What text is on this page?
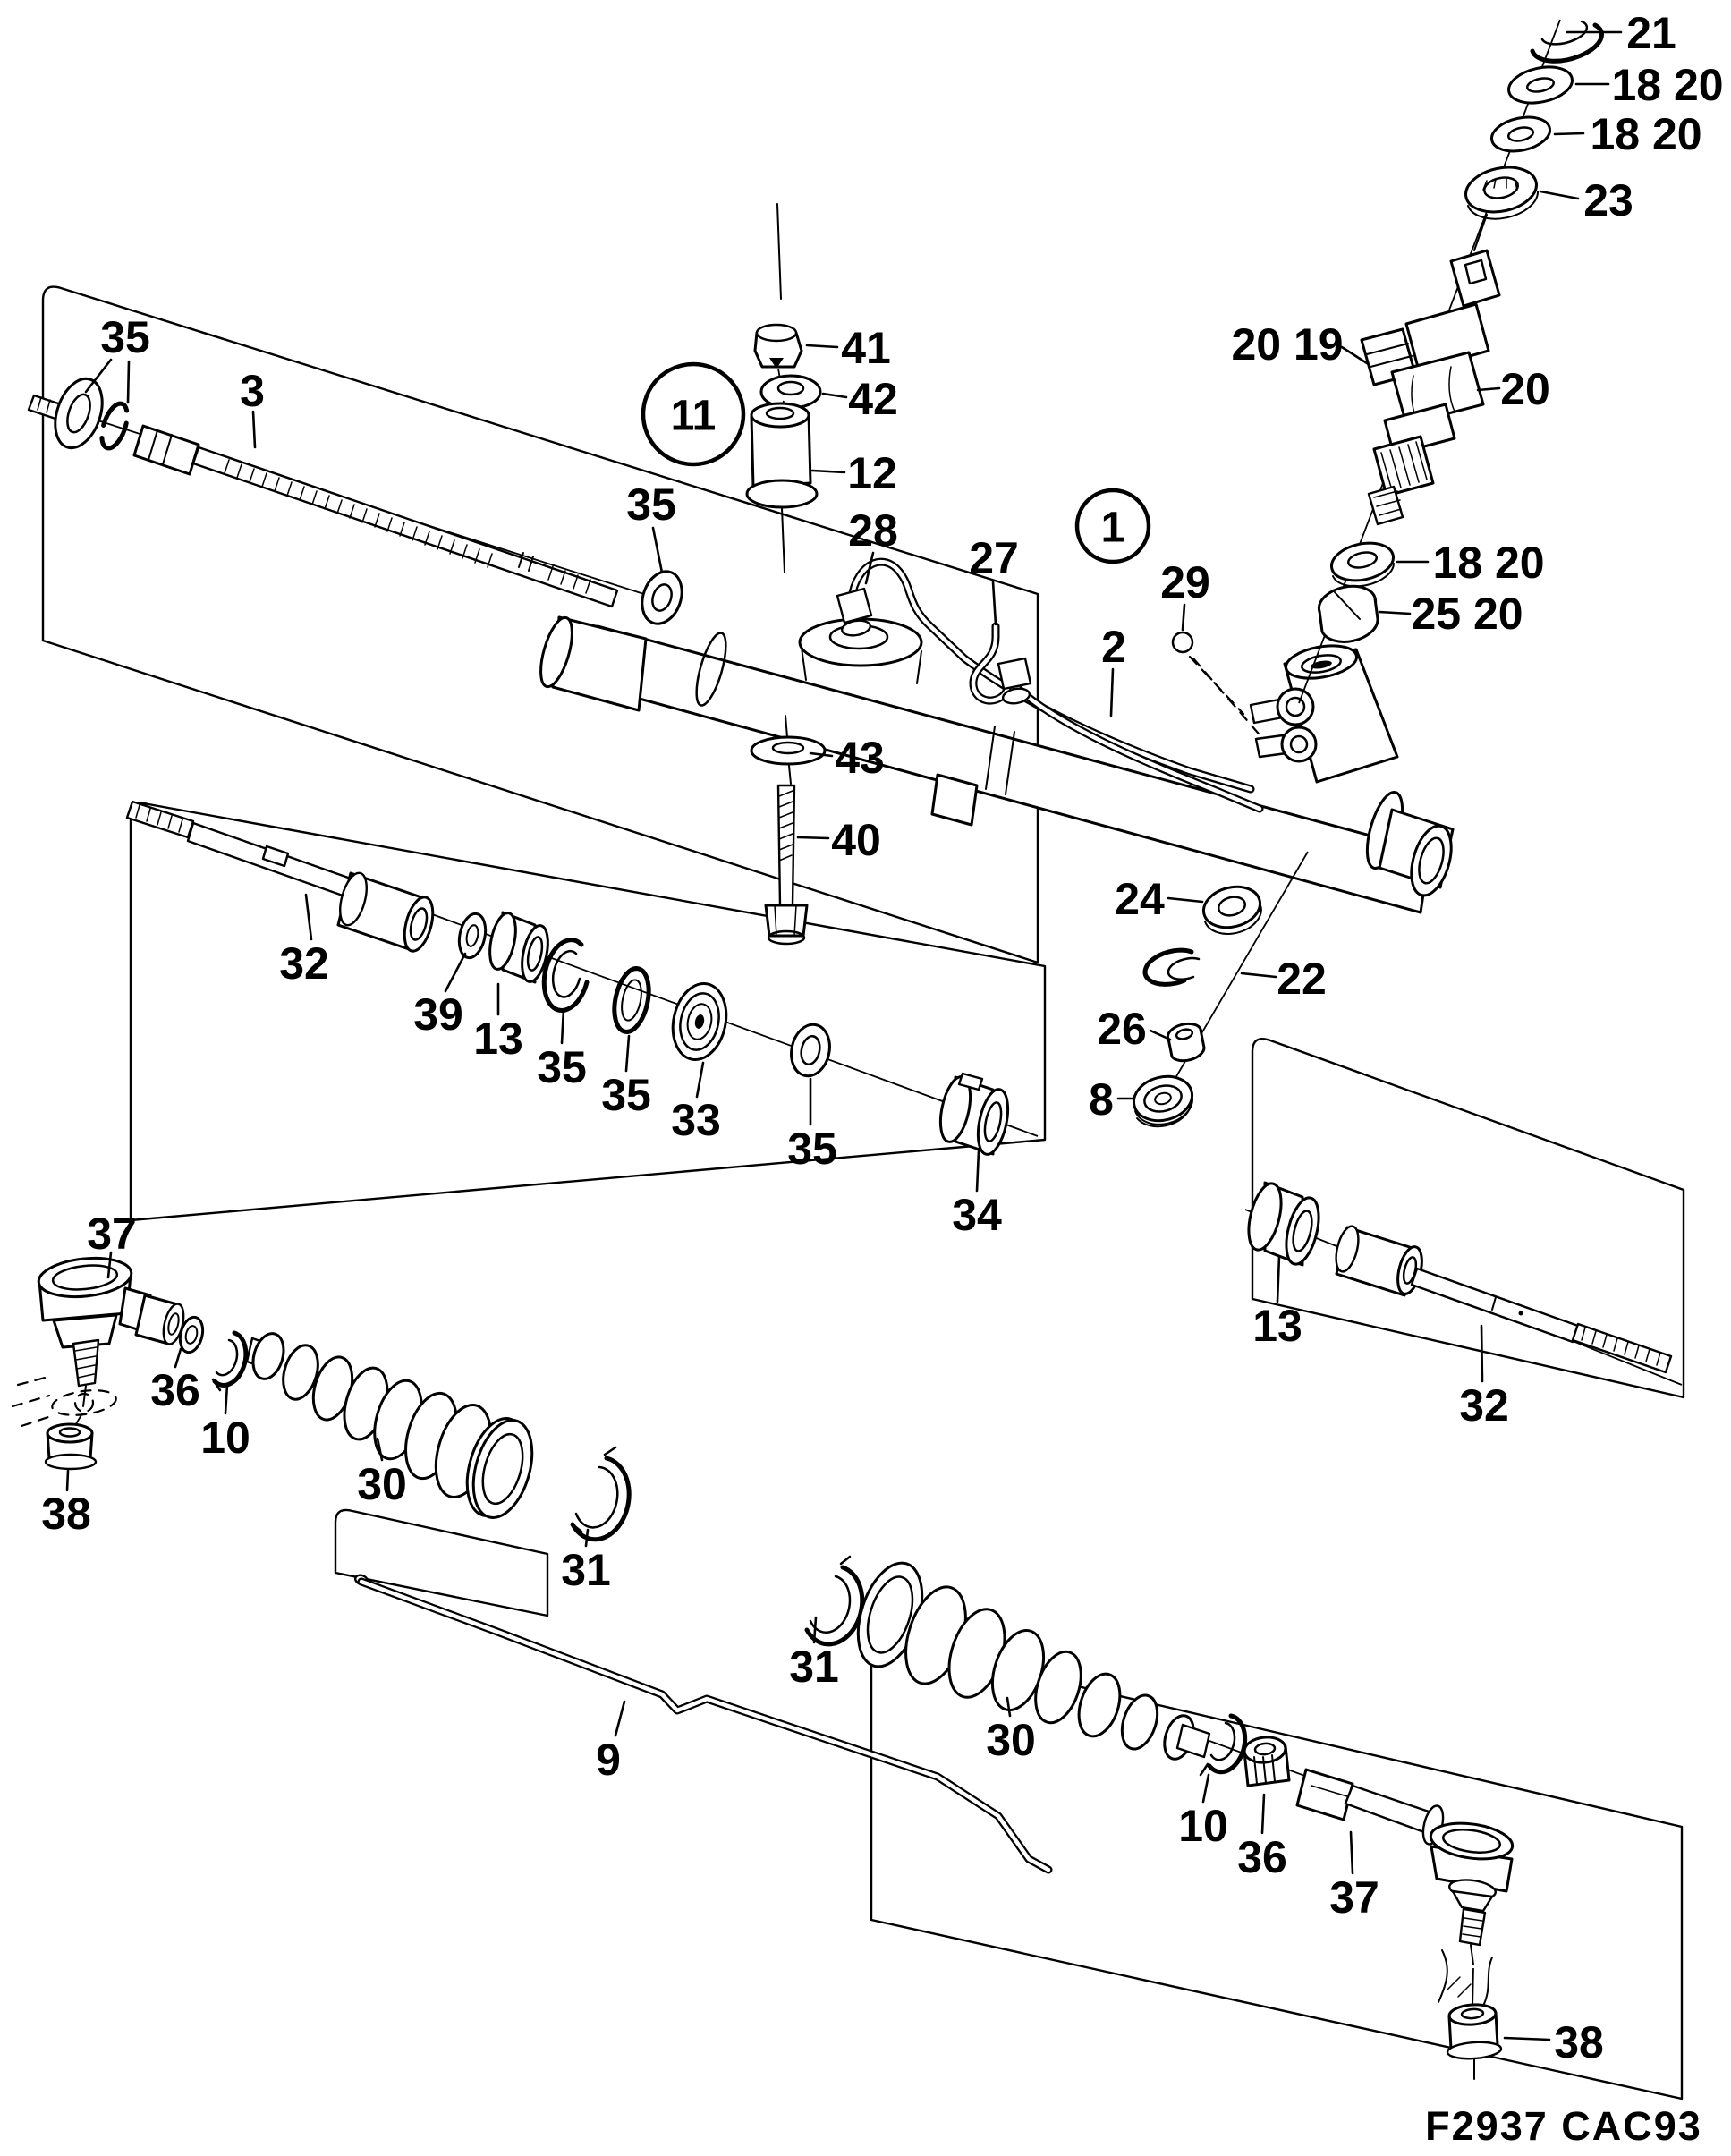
21
18 20
18 20
23
20 19
20
18 20
25 20
29
2
28
27
41
42
12
35
35
3
43
40
32
39 13
35
35 33
35
34
24
22
26
8
13
32
37
36
10
38
30
31
9
31
30
10
36
37
38
1
11
F2937 CAC93
